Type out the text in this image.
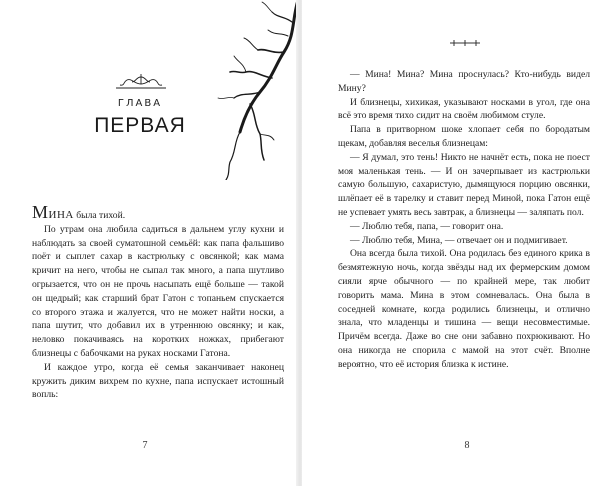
ГЛАВА
ПЕРВАЯ

МИНА была тихой.

По утрам она любила садиться в дальнем углу кухни и наблюдать за своей суматошной семьёй: как папа фальшиво поёт и сыплет сахар в кастрюльку с овсянкой; как мама кричит на него, чтобы не сыпал так много, а папа шутливо огрызается, что он не прочь насыпать ещё больше — такой он щедрый; как старший брат Гатон с топаньем спускается со второго этажа и жалуется, что не может найти носки, а папа шутит, что добавил их в утреннюю овсянку; и как, неловко покачиваясь на коротких ножках, прибегают близнецы с бабочками на руках носками Гатона.

И каждое утро, когда её семья заканчивает наконец кружить диким вихрем по кухне, папа испускает истошный вопль:

7

— Мина! Мина? Мина проснулась? Кто-нибудь видел Мину?

И близнецы, хихикая, указывают носками в угол, где она всё это время тихо сидит на своём любимом стуле.

Папа в притворном шоке хлопает себя по бородатым щекам, добавляя веселья близнецам:

— Я думал, это тень! Никто не начнёт есть, пока не поест моя маленькая тень. — И он зачерпывает из кастрюльки самую большую, сахаристую, дымящуюся порцию овсянки, шлёпает её в тарелку и ставит перед Миной, пока Гатон ещё не успевает умять весь завтрак, а близнецы — заляпать пол.

— Люблю тебя, папа, — говорит она.

— Люблю тебя, Мина, — отвечает он и подмигивает.

Она всегда была тихой. Она родилась без единого крика в безмятежную ночь, когда звёзды над их фермерским домом сияли ярче обычного — по крайней мере, так любит говорить мама. Мина в этом сомневалась. Она была в соседней комнате, когда родились близнецы, и отлично знала, что младенцы и тишина — вещи несовместимые. Причём всегда. Даже во сне они забавно похрюкивают. Но она никогда не спорила с мамой на этот счёт. Вполне вероятно, что её история близка к истине.

8
